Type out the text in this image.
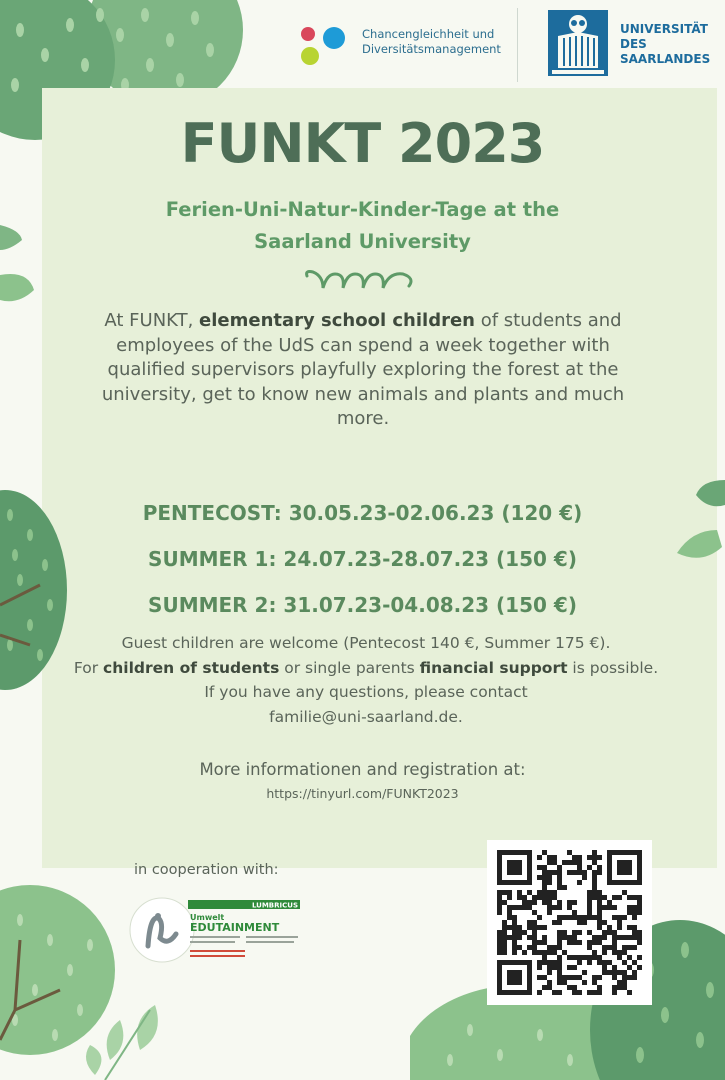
Chancengleichheit und
Diversitätsmanagement
UNIVERSITÄT
DES
SAARLANDES
FUNKT 2023
Ferien-Uni-Natur-Kinder-Tage at the
Saarland University
At FUNKT, elementary school children of students and employees of the UdS can spend a week together with qualified supervisors playfully exploring the forest at the university, get to know new animals and plants and much more.
PENTECOST: 30.05.23-02.06.23 (120 €)
SUMMER 1: 24.07.23-28.07.23 (150 €)
SUMMER 2: 31.07.23-04.08.23 (150 €)
Guest children are welcome (Pentecost 140 €, Summer 175 €).
For children of students or single parents financial support is possible.
If you have any questions, please contact
familie@uni-saarland.de.
More informationen and registration at:
https://tinyurl.com/FUNKT2023
in cooperation with:
LUMBRICUS
Umwelt
EDUTAINMENT
